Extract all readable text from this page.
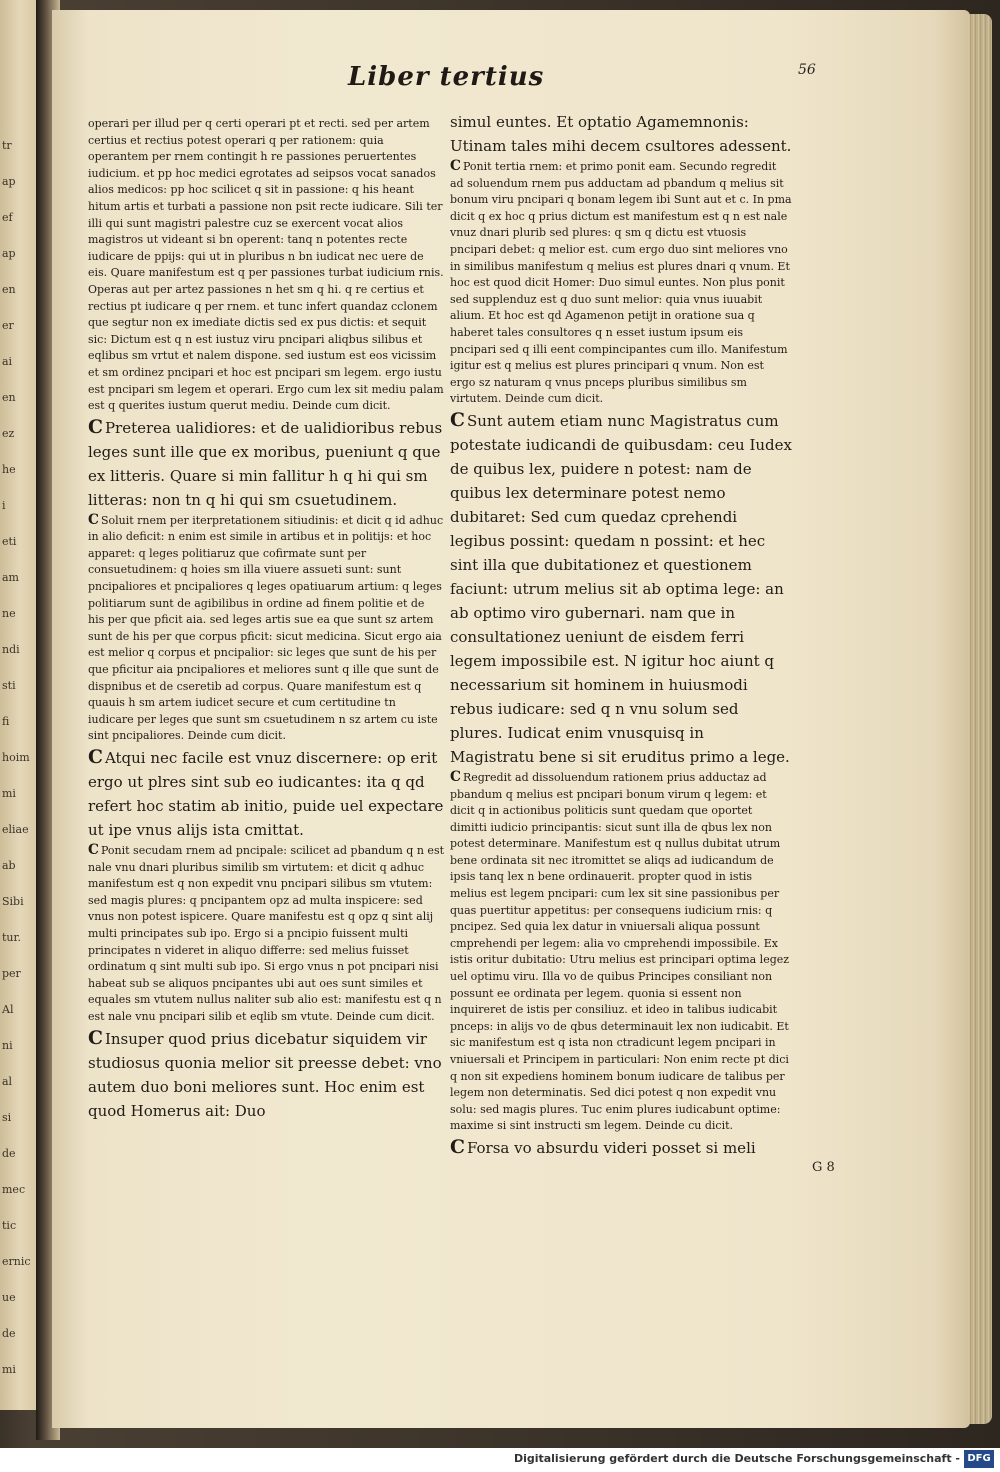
tr
ap
ef
ap
en
er
ai
en
ez
he
i
eti
am
ne
ndi
sti
fi
hoim
mi
eliae
ab
Sibi
tur.
per
Al
ni
al
si
de
mec
tic
ernic
ue
de
mi
Liber tertius	56

operari per illud per q certi operari pt et recti. sed per artem certius et rectius potest operari q per rationem: quia operantem per rnem contingit h re passiones peruertentes iudicium. et pp hoc medici egrotates ad seipsos vocat sanados alios medicos: pp hoc scilicet q sit in passione: q his heant hitum artis et turbati a passione non psit recte iudicare. Sili ter illi qui sunt magistri palestre cuz se exercent vocat alios magistros ut videant si bn operent: tanq n potentes recte iudicare de ppijs: qui ut in pluribus n bn iudicat nec uere de eis. Quare manifestum est q per passiones turbat iudicium rnis. Operas aut per artez passiones n het sm q hi. q re certius et rectius pt iudicare q per rnem. et tunc infert quandaz cclonem que segtur non ex imediate dictis sed ex pus dictis: et sequit sic: Dictum est q n est iustuz viru pncipari aliqbus silibus et eqlibus sm vrtut et nalem dispone. sed iustum est eos vicissim et sm ordinez pncipari et hoc est pncipari sm legem. ergo iustu est pncipari sm legem et operari. Ergo cum lex sit mediu palam est q querites iustum querut mediu. Deinde cum dicit.

C Preterea ualidiores: et de ualidioribus rebus leges sunt ille que ex moribus, pueniunt q que ex litteris. Quare si min fallitur h q hi qui sm litteras: non tn q hi qui sm csuetudinem.

C Soluit rnem per iterpretationem sitiudinis: et dicit q id adhuc in alio deficit: n enim est simile in artibus et in politijs: et hoc apparet: q leges politiaruz que cofirmate sunt per consuetudinem: q hoies sm illa viuere assueti sunt: sunt pncipaliores et pncipaliores q leges opatiuarum artium: q leges politiarum sunt de agibilibus in ordine ad finem politie et de his per que pficit aia. sed leges artis sue ea que sunt sz artem sunt de his per que corpus pficit: sicut medicina. Sicut ergo aia est melior q corpus et pncipalior: sic leges que sunt de his per que pficitur aia pncipaliores et meliores sunt q ille que sunt de dispnibus et de cseretib ad corpus. Quare manifestum est q quauis h sm artem iudicet secure et cum certitudine tn iudicare per leges que sunt sm csuetudinem n sz artem cu iste sint pncipaliores. Deinde cum dicit.

C Atqui nec facile est vnuz discernere: op erit ergo ut plres sint sub eo iudicantes: ita q qd refert hoc statim ab initio, puide uel expectare ut ipe vnus alijs ista cmittat.

C Ponit secudam rnem ad pncipale: scilicet ad pbandum q n est nale vnu dnari pluribus similib sm virtutem: et dicit q adhuc manifestum est q non expedit vnu pncipari silibus sm vtutem: sed magis plures: q pncipantem opz ad multa inspicere: sed vnus non potest ispicere. Quare manifestu est q opz q sint alij multi principates sub ipo. Ergo si a pncipio fuissent multi principates n videret in aliquo differre: sed melius fuisset ordinatum q sint multi sub ipo. Si ergo vnus n pot pncipari nisi habeat sub se aliquos pncipantes ubi aut oes sunt similes et equales sm vtutem nullus naliter sub alio est: manifestu est q n est nale vnu pncipari silib et eqlib sm vtute. Deinde cum dicit.

C Insuper quod prius dicebatur siquidem vir studiosus quonia melior sit preesse debet: vno autem duo boni meliores sunt. Hoc enim est quod Homerus ait: Duo

simul euntes. Et optatio Agamemnonis: Utinam tales mihi decem csultores adessent.

C Ponit tertia rnem: et primo ponit eam. Secundo regredit ad soluendum rnem pus adductam ad pbandum q melius sit bonum viru pncipari q bonam legem ibi Sunt aut et c. In pma dicit q ex hoc q prius dictum est manifestum est q n est nale vnuz dnari plurib sed plures: q sm q dictu est vtuosis pncipari debet: q melior est. cum ergo duo sint meliores vno in similibus manifestum q melius est plures dnari q vnum. Et hoc est quod dicit Homer: Duo simul euntes. Non plus ponit sed supplenduz est q duo sunt melior: quia vnus iuuabit alium. Et hoc est qd Agamenon petijt in oratione sua q haberet tales consultores q n esset iustum ipsum eis pncipari sed q illi eent compincipantes cum illo. Manifestum igitur est q melius est plures principari q vnum. Non est ergo sz naturam q vnus pnceps pluribus similibus sm virtutem. Deinde cum dicit.

C Sunt autem etiam nunc Magistratus cum potestate iudicandi de quibusdam: ceu Iudex de quibus lex, puidere n potest: nam de quibus lex determinare potest nemo dubitaret: Sed cum quedaz cprehendi legibus possint: quedam n possint: et hec sint illa que dubitationez et questionem faciunt: utrum melius sit ab optima lege: an ab optimo viro gubernari. nam que in consultationez ueniunt de eisdem ferri legem impossibile est. N igitur hoc aiunt q necessarium sit hominem in huiusmodi rebus iudicare: sed q n vnu solum sed plures. Iudicat enim vnusquisq in Magistratu bene si sit eruditus primo a lege.

C Regredit ad dissoluendum rationem prius adductaz ad pbandum q melius est pncipari bonum virum q legem: et dicit q in actionibus politicis sunt quedam que oportet dimitti iudicio principantis: sicut sunt illa de qbus lex non potest determinare. Manifestum est q nullus dubitat utrum bene ordinata sit nec itromittet se aliqs ad iudicandum de ipsis tanq lex n bene ordinauerit. propter quod in istis melius est legem pncipari: cum lex sit sine passionibus per quas puertitur appetitus: per consequens iudicium rnis: q pncipez. Sed quia lex datur in vniuersali aliqua possunt cmprehendi per legem: alia vo cmprehendi impossibile. Ex istis oritur dubitatio: Utru melius est principari optima legez uel optimu viru. Illa vo de quibus Principes consiliant non possunt ee ordinata per legem. quonia si essent non inquireret de istis per consiliuz. et ideo in talibus iudicabit pnceps: in alijs vo de qbus determinauit lex non iudicabit. Et sic manifestum est q ista non ctradicunt legem pncipari in vniuersali et Principem in particulari: Non enim recte pt dici q non sit expediens hominem bonum iudicare de talibus per legem non determinatis. Sed dici potest q non expedit vnu solu: sed magis plures. Tuc enim plures iudicabunt optime: maxime si sint instructi sm legem. Deinde cu dicit.

C Forsa vo absurdu videri posset si meli

G 8
Digitalisierung gefördert durch die Deutsche Forschungsgemeinschaft - DFG
